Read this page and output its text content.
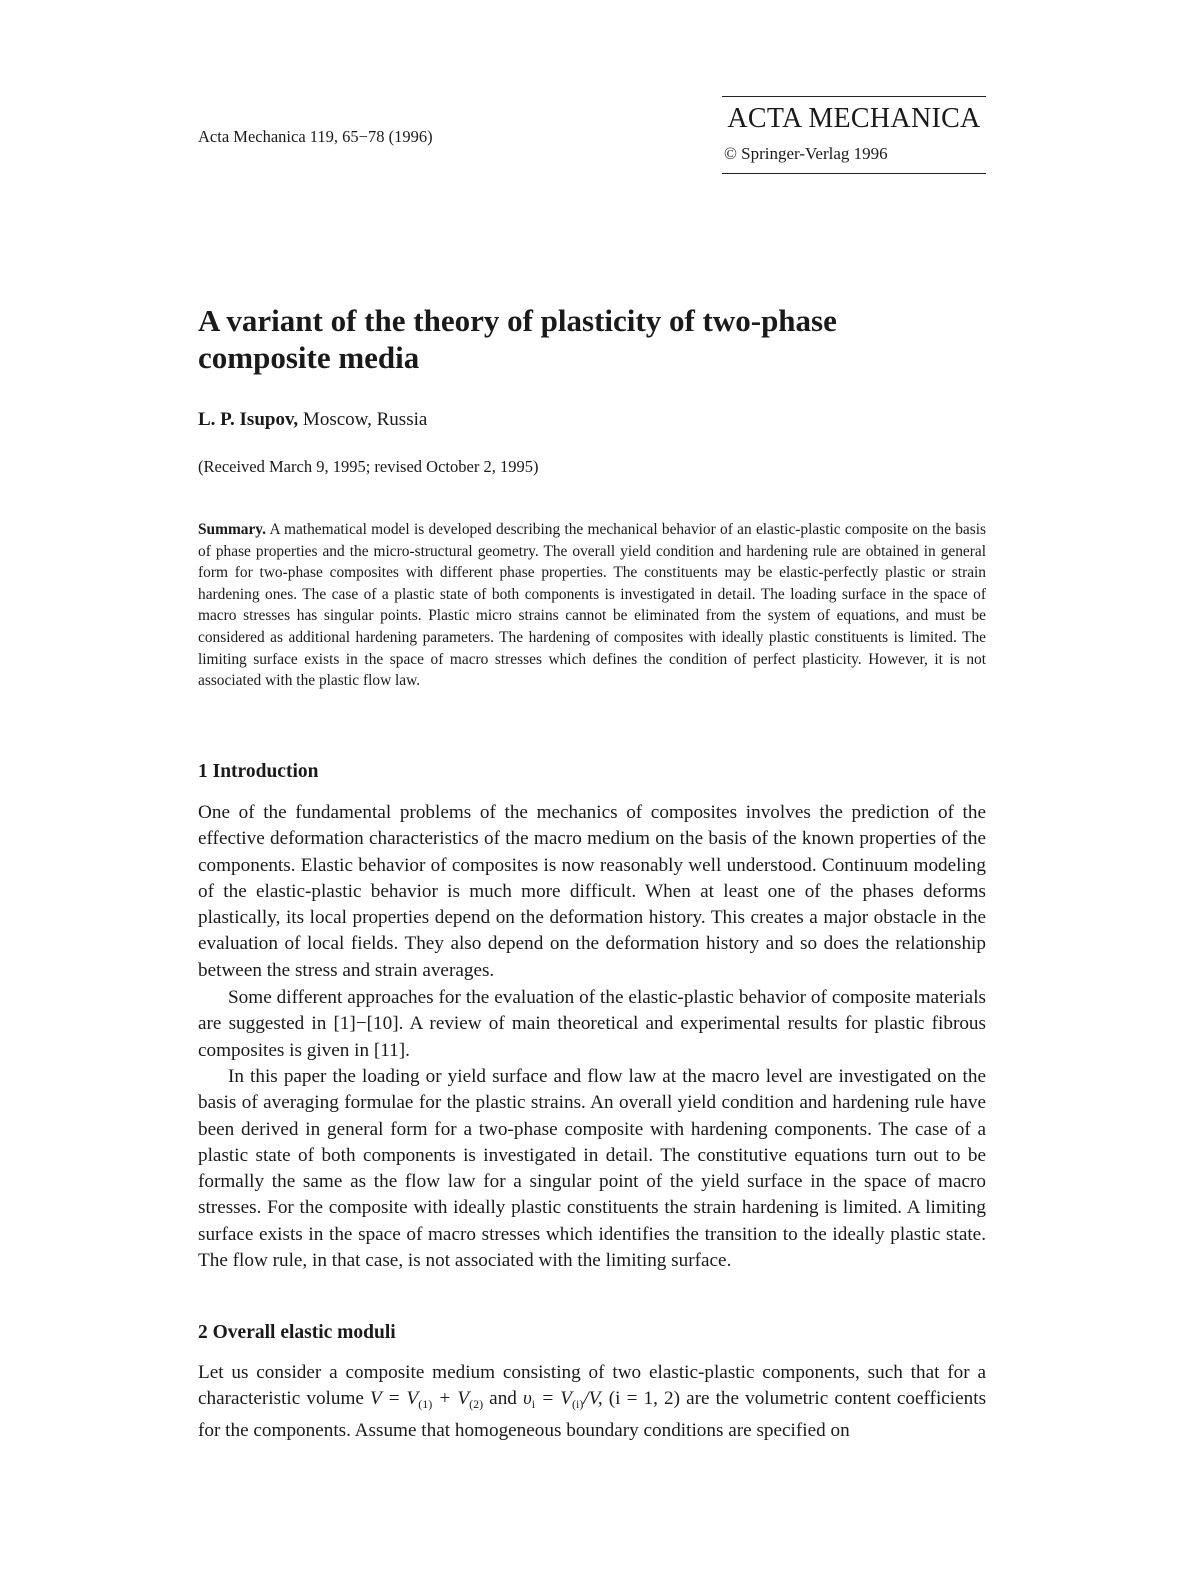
Acta Mechanica 119, 65−78 (1996)
ACTA MECHANICA
© Springer-Verlag 1996
A variant of the theory of plasticity of two-phase
composite media
L. P. Isupov, Moscow, Russia
(Received March 9, 1995; revised October 2, 1995)
Summary. A mathematical model is developed describing the mechanical behavior of an elastic-plastic composite on the basis of phase properties and the micro-structural geometry. The overall yield condition and hardening rule are obtained in general form for two-phase composites with different phase properties. The constituents may be elastic-perfectly plastic or strain hardening ones. The case of a plastic state of both components is investigated in detail. The loading surface in the space of macro stresses has singular points. Plastic micro strains cannot be eliminated from the system of equations, and must be considered as additional hardening parameters. The hardening of composites with ideally plastic constituents is limited. The limiting surface exists in the space of macro stresses which defines the condition of perfect plasticity. However, it is not associated with the plastic flow law.
1 Introduction
One of the fundamental problems of the mechanics of composites involves the prediction of the effective deformation characteristics of the macro medium on the basis of the known properties of the components. Elastic behavior of composites is now reasonably well understood. Continuum modeling of the elastic-plastic behavior is much more difficult. When at least one of the phases deforms plastically, its local properties depend on the deformation history. This creates a major obstacle in the evaluation of local fields. They also depend on the deformation history and so does the relationship between the stress and strain averages.
Some different approaches for the evaluation of the elastic-plastic behavior of composite materials are suggested in [1]−[10]. A review of main theoretical and experimental results for plastic fibrous composites is given in [11].
In this paper the loading or yield surface and flow law at the macro level are investigated on the basis of averaging formulae for the plastic strains. An overall yield condition and hardening rule have been derived in general form for a two-phase composite with hardening components. The case of a plastic state of both components is investigated in detail. The constitutive equations turn out to be formally the same as the flow law for a singular point of the yield surface in the space of macro stresses. For the composite with ideally plastic constituents the strain hardening is limited. A limiting surface exists in the space of macro stresses which identifies the transition to the ideally plastic state. The flow rule, in that case, is not associated with the limiting surface.
2 Overall elastic moduli
Let us consider a composite medium consisting of two elastic-plastic components, such that for a characteristic volume $V = V_{(1)} + V_{(2)}$ and $\upsilon_i = V_{(i)}/V$, (i = 1, 2) are the volumetric content coefficients for the components. Assume that homogeneous boundary conditions are specified on
